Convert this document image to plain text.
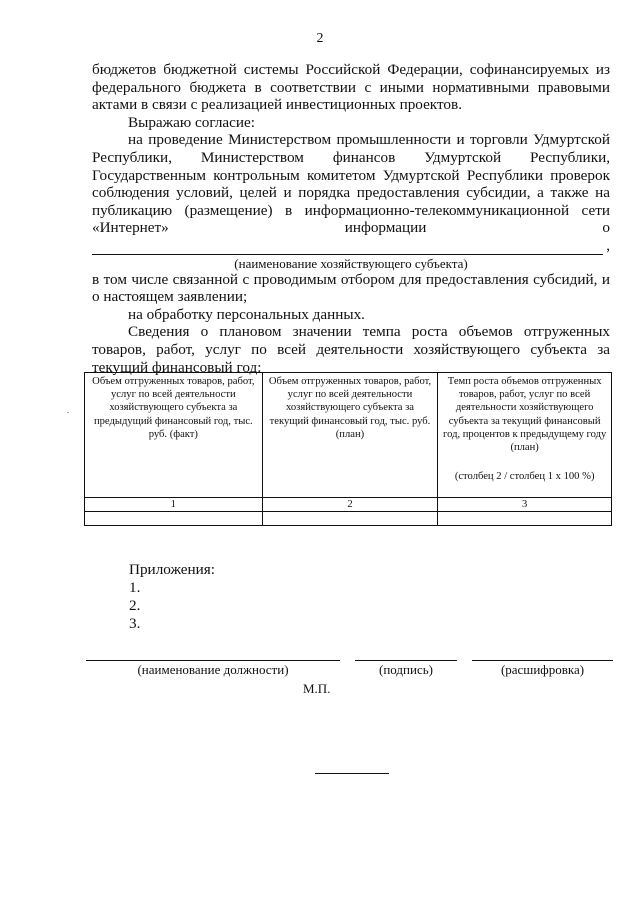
2

бюджетов бюджетной системы Российской Федерации, софинансируемых из федерального бюджета в соответствии с иными нормативными правовыми актами в связи с реализацией инвестиционных проектов.

Выражаю согласие:

на проведение Министерством промышленности и торговли Удмуртской Республики, Министерством финансов Удмуртской Республики, Государственным контрольным комитетом Удмуртской Республики проверок соблюдения условий, целей и порядка предоставления субсидии, а также на публикацию (размещение) в информационно-телекоммуникационной сети «Интернет» информации о

,
(наименование хозяйствующего субъекта)

в том числе связанной с проводимым отбором для предоставления субсидий, и о настоящем заявлении;

на обработку персональных данных.

Сведения о плановом значении темпа роста объемов отгруженных товаров, работ, услуг по всей деятельности хозяйствующего субъекта за текущий финансовый год:

.
Объем отгруженных товаров, работ, услуг по всей деятельности хозяйствующего субъекта за предыдущий финансовый год, тыс. руб. (факт)	Объем отгруженных товаров, работ, услуг по всей деятельности хозяйствующего субъекта за текущий финансовый год, тыс. руб. (план)	Темп роста объемов отгруженных товаров, работ, услуг по всей деятельности хозяйствующего субъекта за текущий финансовый год, процентов к предыдущему году (план)
(столбец 2 / столбец 1 х 100 %)

1	2	3

Приложения:
1.
2.
3.
(наименование должности)	(подпись)	(расшифровка)
М.П.
